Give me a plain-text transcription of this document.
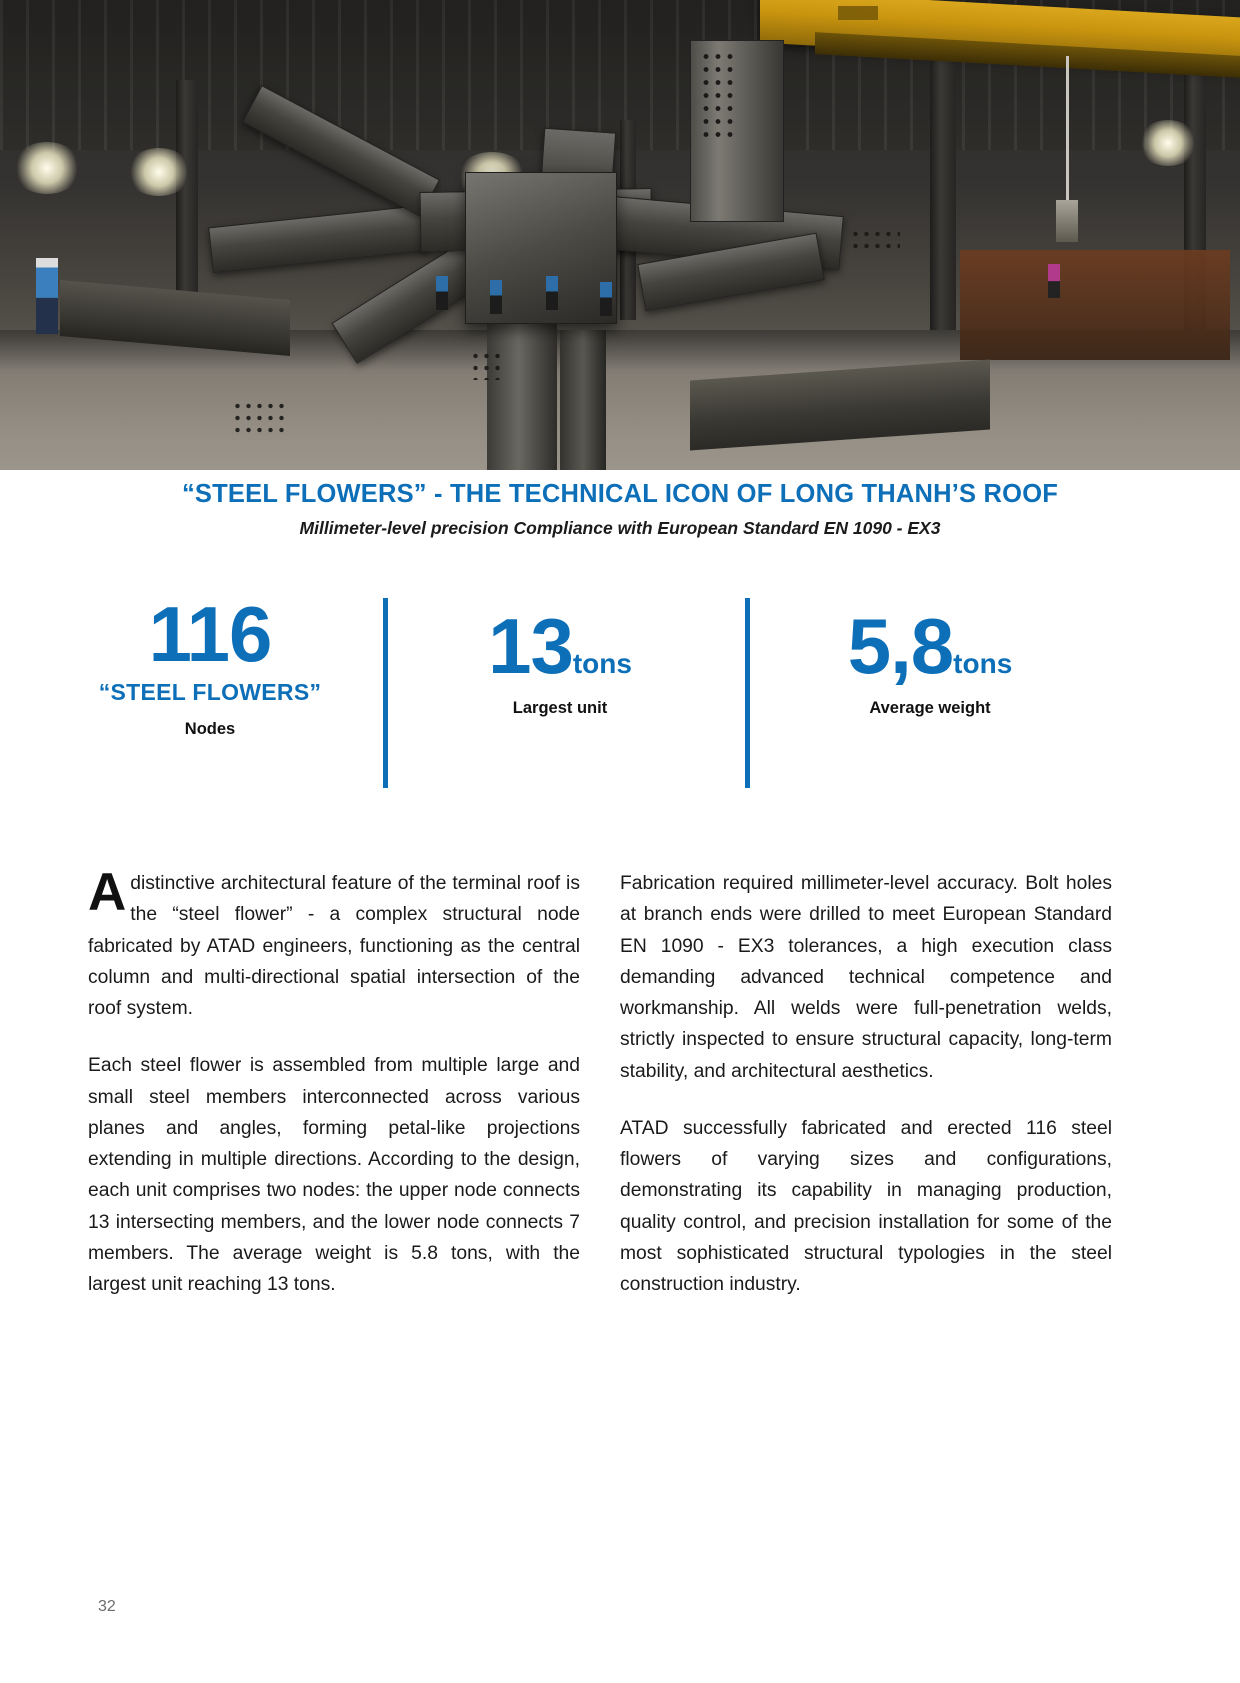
“STEEL FLOWERS” - THE TECHNICAL ICON OF LONG THANH’S ROOF

Millimeter-level precision Compliance with European Standard EN 1090 - EX3

116
“STEEL FLOWERS”
Nodes
13tons
Largest unit
5,8tons
Average weight

Adistinctive architectural feature of the terminal roof is the “steel flower” - a complex structural node fabricated by ATAD engineers, functioning as the central column and multi-directional spatial intersection of the roof system.

Each steel flower is assembled from multiple large and small steel members interconnected across various planes and angles, forming petal-like projections extending in multiple directions. According to the design, each unit comprises two nodes: the upper node connects 13 intersecting members, and the lower node connects 7 members. The average weight is 5.8 tons, with the largest unit reaching 13 tons.

Fabrication required millimeter-level accuracy. Bolt holes at branch ends were drilled to meet European Standard EN 1090 - EX3 tolerances, a high execution class demanding advanced technical competence and workmanship. All welds were full-penetration welds, strictly inspected to ensure structural capacity, long-term stability, and architectural aesthetics.

ATAD successfully fabricated and erected 116 steel flowers of varying sizes and configurations, demonstrating its capability in managing production, quality control, and precision installation for some of the most sophisticated structural typologies in the steel construction industry.

32
